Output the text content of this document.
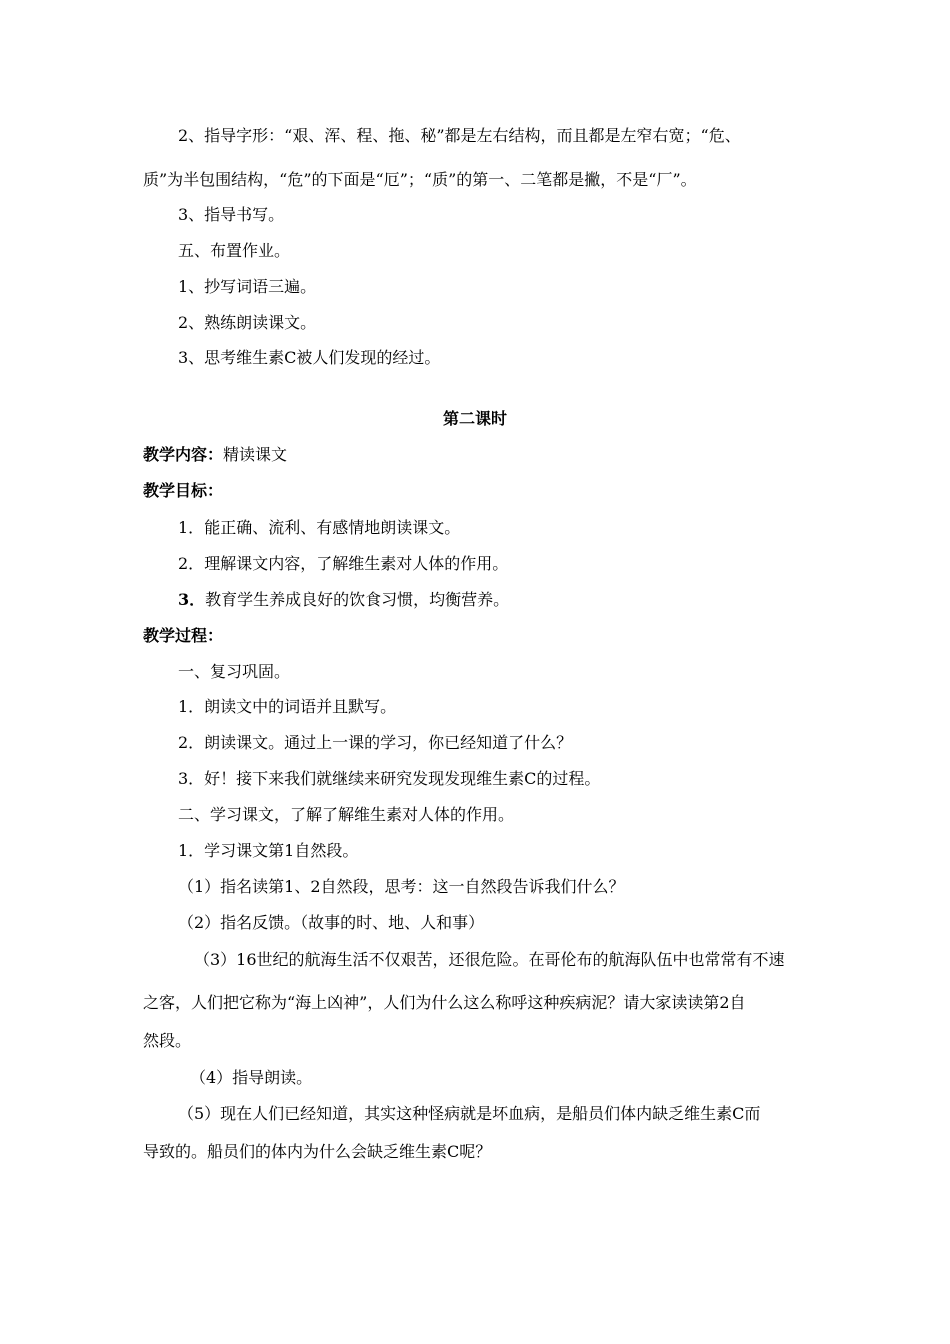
2、指导字形：“艰、浑、程、拖、秘”都是左右结构，而且都是左窄右宽；“危、
质”为半包围结构，“危”的下面是“厄”；“质”的第一、二笔都是撇，不是“厂”。
3、指导书写。
五、布置作业。
1、抄写词语三遍。
2、熟练朗读课文。
3、思考维生素C被人们发现的经过。
第二课时
教学内容：精读课文
教学目标：
1．能正确、流利、有感情地朗读课文。
2．理解课文内容，了解维生素对人体的作用。
3．教育学生养成良好的饮食习惯，均衡营养。
教学过程：
一、复习巩固。
1．朗读文中的词语并且默写。
2．朗读课文。通过上一课的学习，你已经知道了什么？
3．好！接下来我们就继续来研究发现发现维生素C的过程。
二、学习课文，了解了解维生素对人体的作用。
1．学习课文第1自然段。
（1）指名读第1、2自然段，思考：这一自然段告诉我们什么？
（2）指名反馈。（故事的时、地、人和事）
（3）16世纪的航海生活不仅艰苦，还很危险。在哥伦布的航海队伍中也常常有不速
之客，人们把它称为“海上凶神”，人们为什么这么称呼这种疾病泥？请大家读读第2自
然段。
（4）指导朗读。
（5）现在人们已经知道，其实这种怪病就是坏血病，是船员们体内缺乏维生素C而
导致的。船员们的体内为什么会缺乏维生素C呢？
